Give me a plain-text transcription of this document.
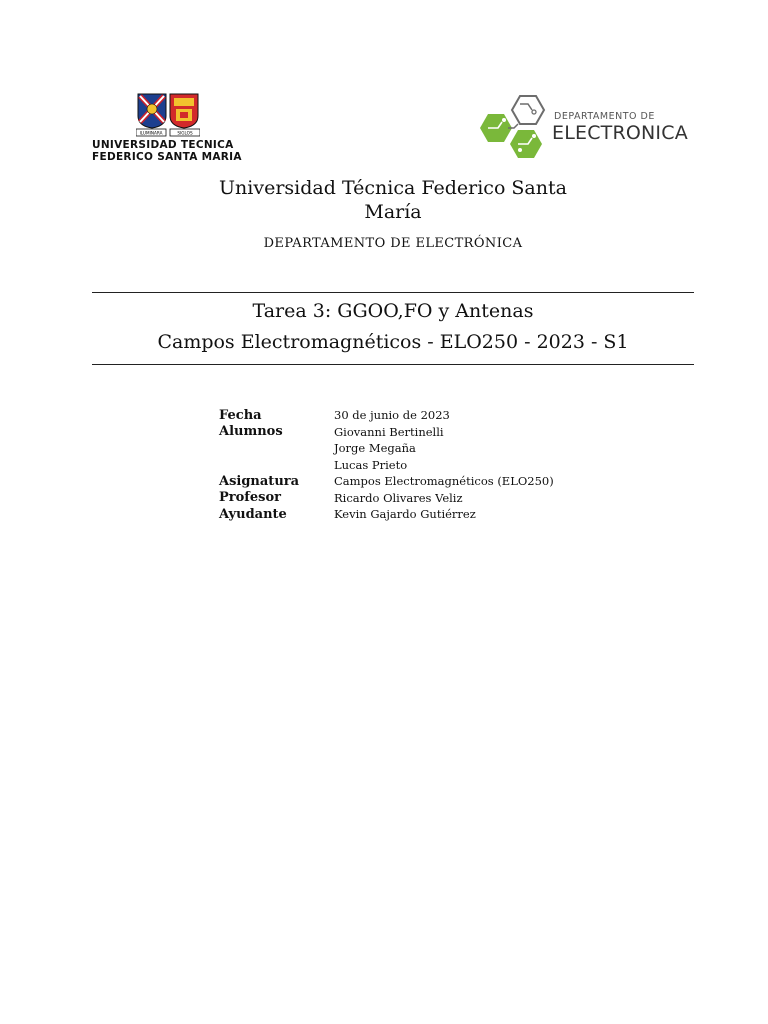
ILUMINARA	SIGLOS
UNIVERSIDAD TECNICA
FEDERICO SANTA MARIA
DEPARTAMENTO DE
ELECTRONICA
Universidad Técnica Federico Santa
María
DEPARTAMENTO DE ELECTRÓNICA
Tarea 3: GGOO,FO y Antenas
Campos Electromagnéticos - ELO250 - 2023 - S1
Fecha	30 de junio de 2023
Alumnos	Giovanni Bertinelli
Jorge Megaña
Lucas Prieto
Asignatura	Campos Electromagnéticos (ELO250)
Profesor	Ricardo Olivares Veliz
Ayudante	Kevin Gajardo Gutiérrez
